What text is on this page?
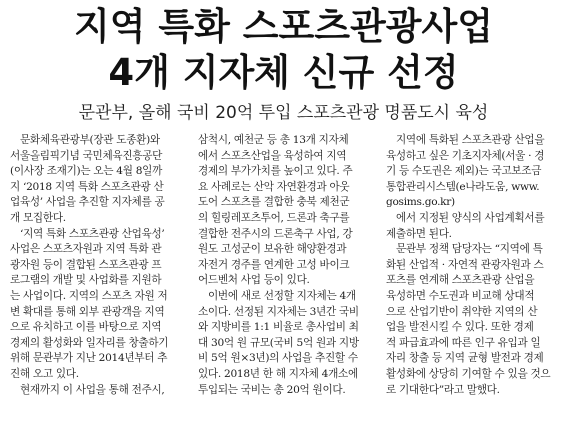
지역 특화 스포츠관광사업
4개 지자체 신규 선정
문관부, 올해 국비 20억 투입 스포츠관광 명품도시 육성
문화체육관광부(장관 도종환)와
서울올림픽기념 국민체육진흥공단
(이사장 조재기)는 오는 4월 8일까
지 ‘2018 지역 특화 스포츠관광 산
업육성’ 사업을 추진할 지자체를 공
개 모집한다.
‘지역 특화 스포츠관광 산업육성’
사업은 스포츠자원과 지역 특화 관
광자원 등이 결합된 스포츠관광 프
로그램의 개발 및 사업화를 지원하
는 사업이다. 지역의 스포츠 자원 저
변 확대를 통해 외부 관광객을 지역
으로 유치하고 이를 바탕으로 지역
경제의 활성화와 일자리를 창출하기
위해 문관부가 지난 2014년부터 추
진해 오고 있다.
현재까지 이 사업을 통해 전주시,
삼척시, 예천군 등 총 13개 지자체
에서 스포츠산업을 육성하여 지역
경제의 부가가치를 높이고 있다. 주
요 사례로는 산악 자연환경과 아웃
도어 스포츠를 결합한 충북 제천군
의 힐링레포츠투어, 드론과 축구를
결합한 전주시의 드론축구 사업, 강
원도 고성군이 보유한 해양환경과
자전거 경주를 연계한 고성 바이크
어드벤처 사업 등이 있다.
이번에 새로 선정할 지자체는 4개
소이다. 선정된 지자체는 3년간 국비
와 지방비를 1:1 비율로 총사업비 최
대 30억 원 규모(국비 5억 원과 지방
비 5억 원×3년)의 사업을 추진할 수
있다. 2018년 한 해 지자체 4개소에
투입되는 국비는 총 20억 원이다.
지역에 특화된 스포츠관광 산업을
육성하고 싶은 기초지자체(서울 · 경
기 등 수도권은 제외)는 국고보조금
통합관리시스템(e나라도움, www.
gosims.go.kr)
에서 지정된 양식의 사업계획서를
제출하면 된다.
문관부 정책 담당자는 “지역에 특
화된 산업적 · 자연적 관광자원과 스
포츠를 연계해 스포츠관광 산업을
육성하면 수도권과 비교해 상대적
으로 산업기반이 취약한 지역의 산
업을 발전시킬 수 있다. 또한 경제
적 파급효과에 따른 인구 유입과 일
자리 창출 등 지역 균형 발전과 경제
활성화에 상당히 기여할 수 있을 것으
로 기대한다”라고 말했다.
